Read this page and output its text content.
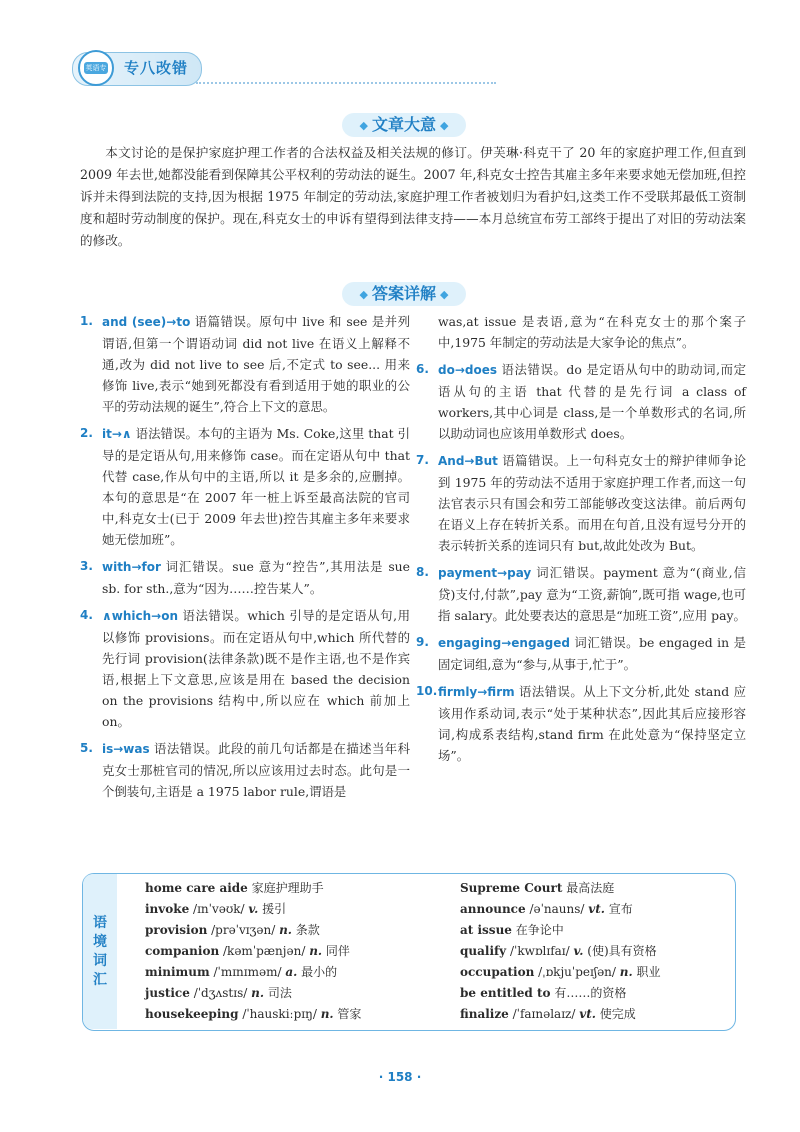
英语专八
专八改错
◆ 文章大意 ◆

本文讨论的是保护家庭护理工作者的合法权益及相关法规的修订。伊芙琳·科克干了 20 年的家庭护理工作,但直到 2009 年去世,她都没能看到保障其公平权利的劳动法的诞生。2007 年,科克女士控告其雇主多年来要求她无偿加班,但控诉并未得到法院的支持,因为根据 1975 年制定的劳动法,家庭护理工作者被划归为看护妇,这类工作不受联邦最低工资制度和超时劳动制度的保护。现在,科克女士的申诉有望得到法律支持——本月总统宣布劳工部终于提出了对旧的劳动法案的修改。

◆ 答案详解 ◆
1. and (see)→to 语篇错误。原句中 live 和 see 是并列谓语,但第一个谓语动词 did not live 在语义上解释不通,改为 did not live to see 后,不定式 to see... 用来修饰 live,表示“她到死都没有看到适用于她的职业的公平的劳动法规的诞生”,符合上下文的意思。
2. it→∧ 语法错误。本句的主语为 Ms. Coke,这里 that 引导的是定语从句,用来修饰 case。而在定语从句中 that 代替 case,作从句中的主语,所以 it 是多余的,应删掉。本句的意思是“在 2007 年一桩上诉至最高法院的官司中,科克女士(已于 2009 年去世)控告其雇主多年来要求她无偿加班”。
3. with→for 词汇错误。sue 意为“控告”,其用法是 sue sb. for sth.,意为“因为……控告某人”。
4. ∧which→on 语法错误。which 引导的是定语从句,用以修饰 provisions。而在定语从句中,which 所代替的先行词 provision(法律条款)既不是作主语,也不是作宾语,根据上下文意思,应该是用在 based the decision on the provisions 结构中,所以应在 which 前加上 on。
5. is→was 语法错误。此段的前几句话都是在描述当年科克女士那桩官司的情况,所以应该用过去时态。此句是一个倒装句,主语是 a 1975 labor rule,谓语是
was,at issue 是表语,意为“在科克女士的那个案子中,1975 年制定的劳动法是大家争论的焦点”。
6. do→does 语法错误。do 是定语从句中的助动词,而定语从句的主语 that 代替的是先行词 a class of workers,其中心词是 class,是一个单数形式的名词,所以助动词也应该用单数形式 does。
7. And→But 语篇错误。上一句科克女士的辩护律师争论到 1975 年的劳动法不适用于家庭护理工作者,而这一句法官表示只有国会和劳工部能够改变这法律。前后两句在语义上存在转折关系。而用在句首,且没有逗号分开的表示转折关系的连词只有 but,故此处改为 But。
8. payment→pay 词汇错误。payment 意为“(商业,信贷)支付,付款”,pay 意为“工资,薪饷”,既可指 wage,也可指 salary。此处要表达的意思是“加班工资”,应用 pay。
9. engaging→engaged 词汇错误。be engaged in 是固定词组,意为“参与,从事于,忙于”。
10. firmly→firm 语法错误。从上下文分析,此处 stand 应该用作系动词,表示“处于某种状态”,因此其后应接形容词,构成系表结构,stand firm 在此处意为“保持坚定立场”。
语境词汇
home care aide 家庭护理助手
invoke /ɪnˈvəʊk/ v. 援引
provision /prəˈvɪʒən/ n. 条款
companion /kəmˈpænjən/ n. 同伴
minimum /ˈmɪnɪməm/ a. 最小的
justice /ˈdʒʌstɪs/ n. 司法
housekeeping /ˈhauskiːpɪŋ/ n. 管家
Supreme Court 最高法庭
announce /əˈnauns/ vt. 宣布
at issue 在争论中
qualify /ˈkwɒlɪfaɪ/ v. (使)具有资格
occupation /ˌɒkjuˈpeɪʃən/ n. 职业
be entitled to 有……的资格
finalize /ˈfaɪnəlaɪz/ vt. 使完成
· 158 ·
